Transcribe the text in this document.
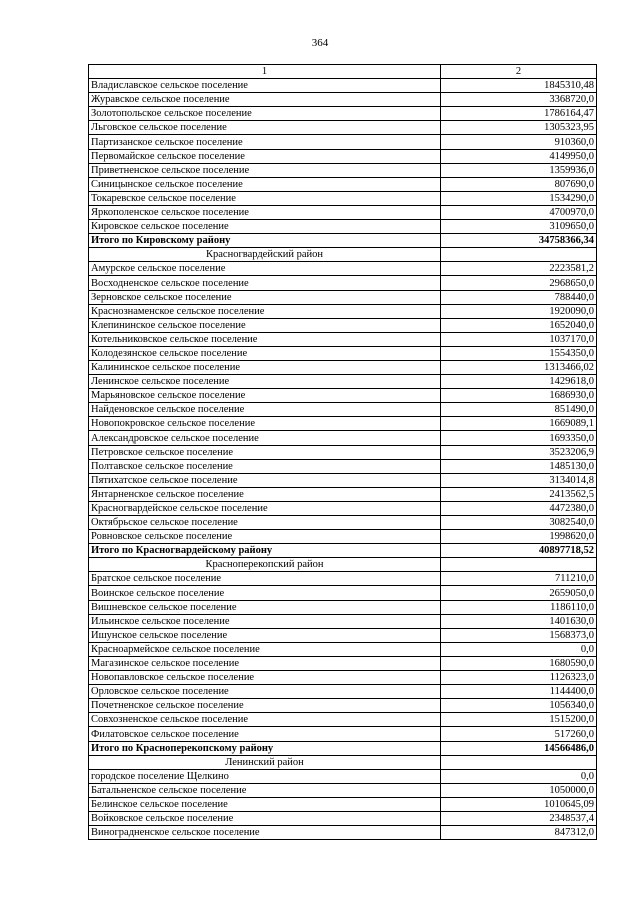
364
1	2
Владиславское сельское поселение	1845310,48
Журавское сельское поселение	3368720,0
Золотопольское сельское поселение	1786164,47
Льговское сельское поселение	1305323,95
Партизанское сельское поселение	910360,0
Первомайское сельское поселение	4149950,0
Приветненское сельское поселение	1359936,0
Синицынское сельское поселение	807690,0
Токаревское сельское поселение	1534290,0
Яркополенское сельское поселение	4700970,0
Кировское сельское поселение	3109650,0
Итого по Кировскому району	34758366,34
Красногвардейский район	
Амурское сельское поселение	2223581,2
Восходненское сельское поселение	2968650,0
Зерновское сельское поселение	788440,0
Краснознаменское сельское поселение	1920090,0
Клепининское сельское поселение	1652040,0
Котельниковское сельское поселение	1037170,0
Колодезянское сельское поселение	1554350,0
Калининское сельское поселение	1313466,02
Ленинское сельское поселение	1429618,0
Марьяновское сельское поселение	1686930,0
Найденовское сельское поселение	851490,0
Новопокровское сельское поселение	1669089,1
Александровское сельское поселение	1693350,0
Петровское сельское поселение	3523206,9
Полтавское сельское поселение	1485130,0
Пятихатское сельское поселение	3134014,8
Янтарненское сельское поселение	2413562,5
Красногвардейское сельское поселение	4472380,0
Октябрьское сельское поселение	3082540,0
Ровновское сельское поселение	1998620,0
Итого по Красногвардейскому району	40897718,52
Красноперекопский район	
Братское сельское поселение	711210,0
Воинское сельское поселение	2659050,0
Вишневское сельское поселение	1186110,0
Ильинское сельское поселение	1401630,0
Ишунское сельское поселение	1568373,0
Красноармейское сельское поселение	0,0
Магазинское сельское поселение	1680590,0
Новопавловское сельское поселение	1126323,0
Орловское сельское поселение	1144400,0
Почетненское сельское поселение	1056340,0
Совхозненское сельское поселение	1515200,0
Филатовское сельское поселение	517260,0
Итого по Красноперекопскому району	14566486,0
Ленинский район	
городское поселение Щелкино	0,0
Батальненское сельское поселение	1050000,0
Белинское сельское поселение	1010645,09
Войковское сельское поселение	2348537,4
Виноградненское сельское поселение	847312,0
